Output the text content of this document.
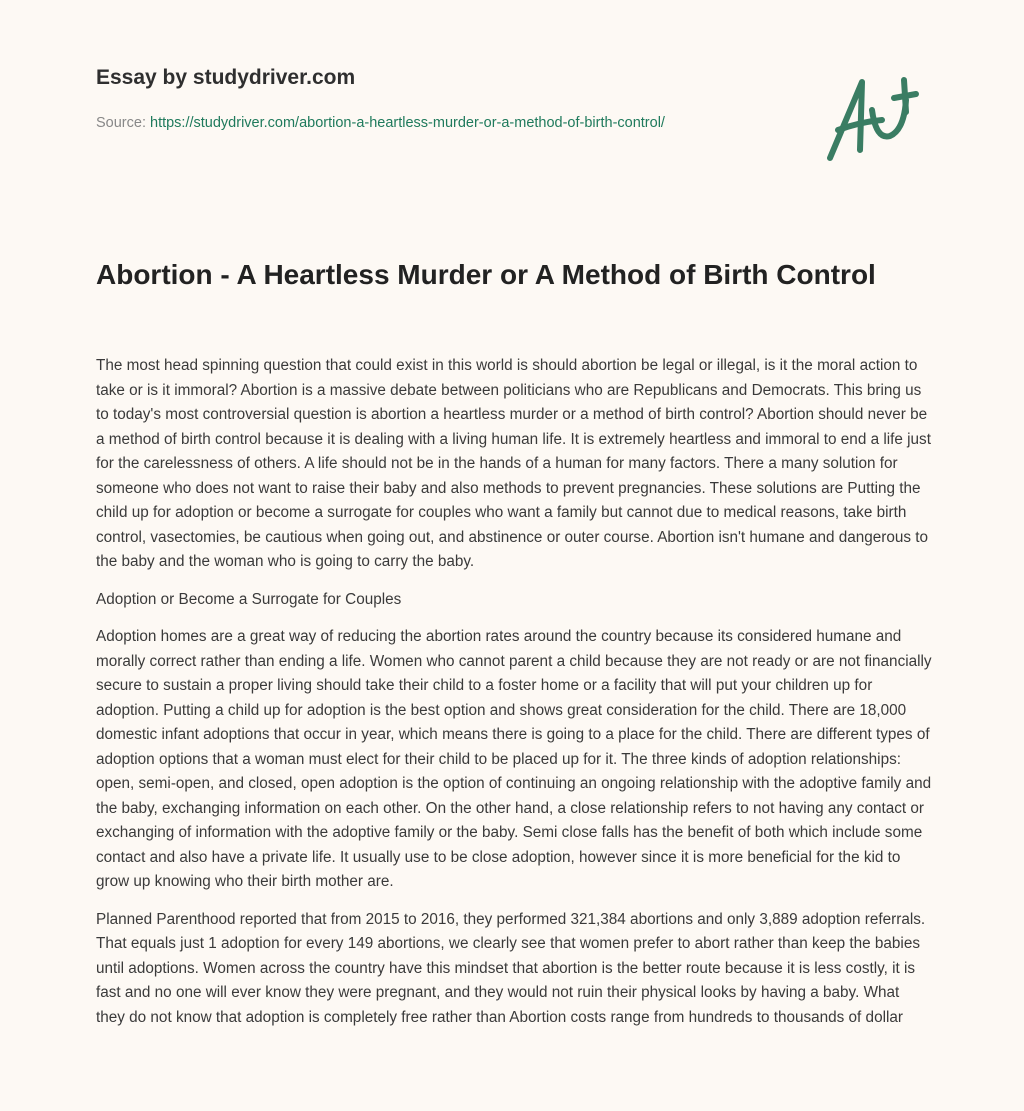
Essay by studydriver.com
Source: https://studydriver.com/abortion-a-heartless-murder-or-a-method-of-birth-control/
Abortion - A Heartless Murder or A Method of Birth Control

The most head spinning question that could exist in this world is should abortion be legal or illegal, is it the moral action to take or is it immoral? Abortion is a massive debate between politicians who are Republicans and Democrats. This bring us to today's most controversial question is abortion a heartless murder or a method of birth control? Abortion should never be a method of birth control because it is dealing with a living human life. It is extremely heartless and immoral to end a life just for the carelessness of others. A life should not be in the hands of a human for many factors. There a many solution for someone who does not want to raise their baby and also methods to prevent pregnancies. These solutions are Putting the child up for adoption or become a surrogate for couples who want a family but cannot due to medical reasons, take birth control, vasectomies, be cautious when going out, and abstinence or outer course. Abortion isn't humane and dangerous to the baby and the woman who is going to carry the baby.

Adoption or Become a Surrogate for Couples

Adoption homes are a great way of reducing the abortion rates around the country because its considered humane and morally correct rather than ending a life. Women who cannot parent a child because they are not ready or are not financially secure to sustain a proper living should take their child to a foster home or a facility that will put your children up for adoption. Putting a child up for adoption is the best option and shows great consideration for the child. There are 18,000 domestic infant adoptions that occur in year, which means there is going to a place for the child. There are different types of adoption options that a woman must elect for their child to be placed up for it. The three kinds of adoption relationships: open, semi-open, and closed, open adoption is the option of continuing an ongoing relationship with the adoptive family and the baby, exchanging information on each other. On the other hand, a close relationship refers to not having any contact or exchanging of information with the adoptive family or the baby. Semi close falls has the benefit of both which include some contact and also have a private life. It usually use to be close adoption, however since it is more beneficial for the kid to grow up knowing who their birth mother are.

Planned Parenthood reported that from 2015 to 2016, they performed 321,384 abortions and only 3,889 adoption referrals. That equals just 1 adoption for every 149 abortions, we clearly see that women prefer to abort rather than keep the babies until adoptions. Women across the country have this mindset that abortion is the better route because it is less costly, it is fast and no one will ever know they were pregnant, and they would not ruin their physical looks by having a baby. What they do not know that adoption is completely free rather than Abortion costs range from hundreds to thousands of dollar
